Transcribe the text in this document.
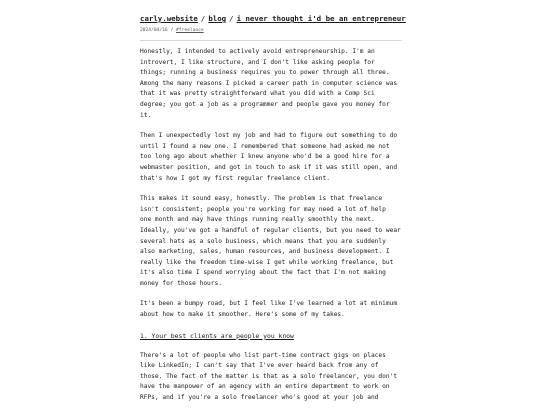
carly.website / blog / i never thought i'd be an entrepreneur
2024/04/16 / #freelance

Honestly, I intended to actively avoid entrepreneurship. I'm an
introvert, I like structure, and I don't like asking people for
things; running a business requires you to power through all three.
Among the many reasons I picked a career path in computer science was
that it was pretty straightforward what you did with a Comp Sci
degree; you got a job as a programmer and people gave you money for
it.

Then I unexpectedly lost my job and had to figure out something to do
until I found a new one. I remembered that someone had asked me not
too long ago about whether I knew anyone who'd be a good hire for a
webmaster position, and got in touch to ask if it was still open, and
that's how I got my first regular freelance client.

This makes it sound easy, honestly. The problem is that freelance
isn't consistent; people you're working for may need a lot of help
one month and may have things running really smoothly the next.
Ideally, you've got a handful of regular clients, but you need to wear
several hats as a solo business, which means that you are suddenly
also marketing, sales, human resources, and business development. I
really like the freedom time-wise I get while working freelance, but
it's also time I spend worrying about the fact that I'm not making
money for those hours.

It's been a bumpy road, but I feel like I've learned a lot at minimum
about how to make it smoother. Here's some of my takes.

1. Your best clients are people you know

There's a lot of people who list part-time contract gigs on places
like LinkedIn; I can't say that I've ever heard back from any of
those. The fact of the matter is that as a solo freelancer, you don't
have the manpower of an agency with an entire department to work on
RFPs, and if you're a solo freelancer who's good at your job and
